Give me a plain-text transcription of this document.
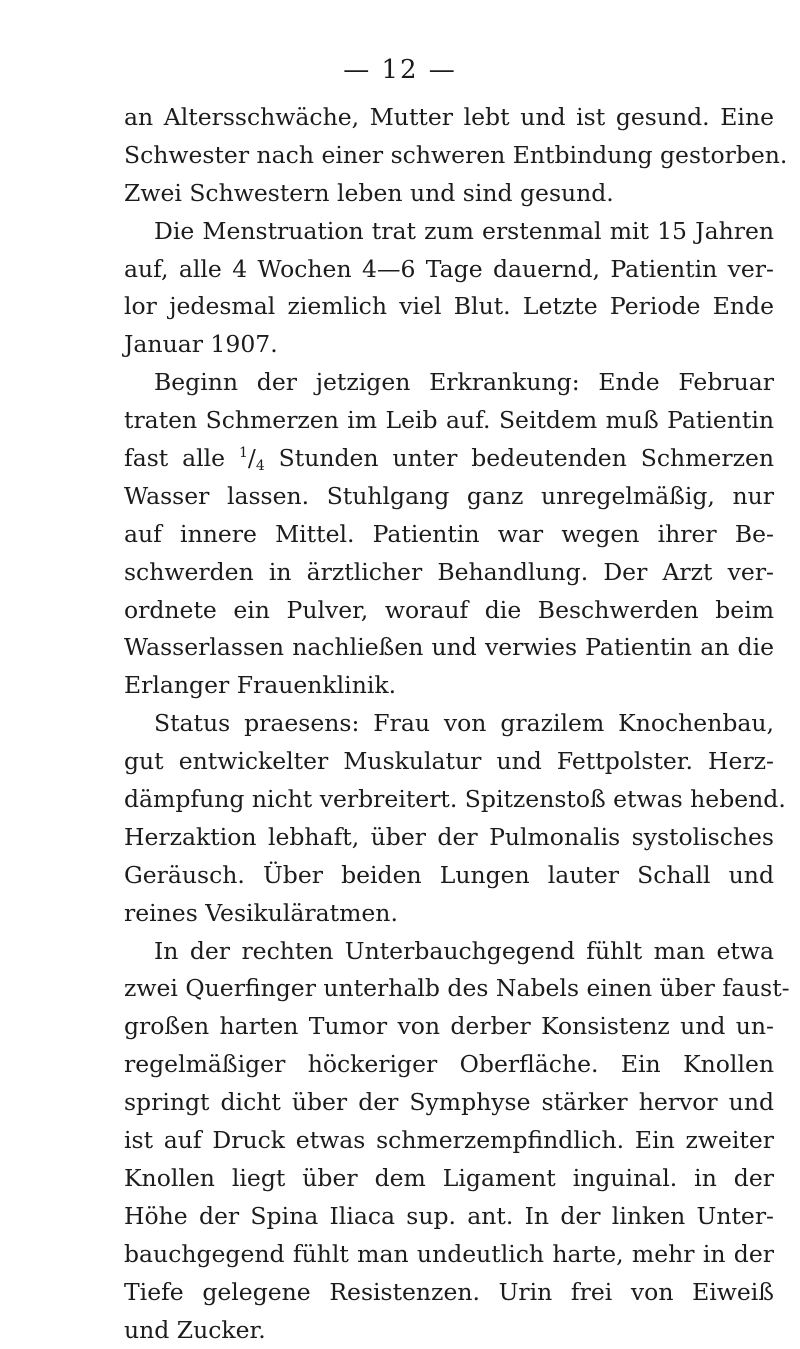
— 12 —
an Altersschwäche, Mutter lebt und ist gesund. Eine
Schwester nach einer schweren Entbindung gestorben.
Zwei Schwestern leben und sind gesund.
Die Menstruation trat zum erstenmal mit 15 Jahren
auf, alle 4 Wochen 4—6 Tage dauernd, Patientin ver-
lor jedesmal ziemlich viel Blut. Letzte Periode Ende
Januar 1907.
Beginn der jetzigen Erkrankung: Ende Februar
traten Schmerzen im Leib auf. Seitdem muß Patientin
fast alle $^1/_4$ Stunden unter bedeutenden Schmerzen
Wasser lassen. Stuhlgang ganz unregelmäßig, nur
auf innere Mittel. Patientin war wegen ihrer Be-
schwerden in ärztlicher Behandlung. Der Arzt ver-
ordnete ein Pulver, worauf die Beschwerden beim
Wasserlassen nachließen und verwies Patientin an die
Erlanger Frauenklinik.
Status praesens: Frau von grazilem Knochenbau,
gut entwickelter Muskulatur und Fettpolster. Herz-
dämpfung nicht verbreitert. Spitzenstoß etwas hebend.
Herzaktion lebhaft, über der Pulmonalis systolisches
Geräusch. Über beiden Lungen lauter Schall und
reines Vesikuläratmen.
In der rechten Unterbauchgegend fühlt man etwa
zwei Querfinger unterhalb des Nabels einen über faust-
großen harten Tumor von derber Konsistenz und un-
regelmäßiger höckeriger Oberfläche. Ein Knollen
springt dicht über der Symphyse stärker hervor und
ist auf Druck etwas schmerzempfindlich. Ein zweiter
Knollen liegt über dem Ligament inguinal. in der
Höhe der Spina Iliaca sup. ant. In der linken Unter-
bauchgegend fühlt man undeutlich harte, mehr in der
Tiefe gelegene Resistenzen. Urin frei von Eiweiß
und Zucker.
